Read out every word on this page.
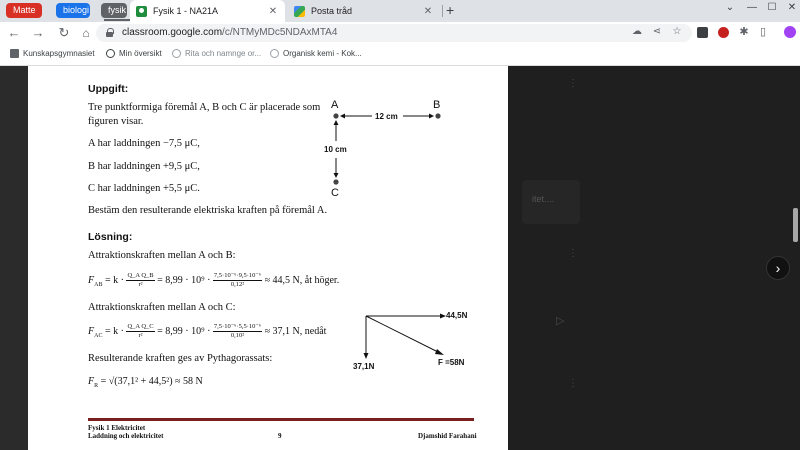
Matte	biologi	fysik	Fysik 1 - NA21A	✕	Posta tråd	✕ +	⌄	—	☐	✕
← → ↻	⌂	classroom.google.com/c/NTMyMDc5NDAxMTA4	☁ ⋖ ☆	✱	▯
Kunskapsgymnasiet	Min översikt	Rita och namnge or...	Organisk kemi - Kok...
⋮
itet....
⋮
▷
⋮
›
Uppgift:
Tre punktformiga föremål A, B och C är placerade som
figuren visar.
A har laddningen −7,5 μC,
B har laddningen +9,5 μC,
C har laddningen +5,5 μC.
Bestäm den resulterande elektriska kraften på föremål A.
A	B
C
12 cm
10 cm
Lösning:
Attraktionskraften mellan A och B:
$F_{AB} = k \cdot \frac{\text{Q\_A Q\_B}}{\text{r²}} = 8,99 \cdot 10^9 \cdot \frac{\text{7,5·10⁻⁶·9,5·10⁻⁶}}{\text{0,12²}} \approx 44,5$ N, åt höger.
Attraktionskraften mellan A och C:
$F_{AC} = k \cdot \frac{\text{Q\_A Q\_C}}{\text{r²}} = 8,99 \cdot 10^9 \cdot \frac{\text{7,5·10⁻⁶·5,5·10⁻⁶}}{\text{0,10²}} \approx 37,1$ N, nedåt
Resulterande kraften ges av Pythagorassats:
$F_R = √(37,1^2 + 44,5^2) \approx 58$ N
44,5N
37,1N	F =58N
Fysik 1 Elektricitet
Laddning och elektricitet	9	Djamshid Farahani
